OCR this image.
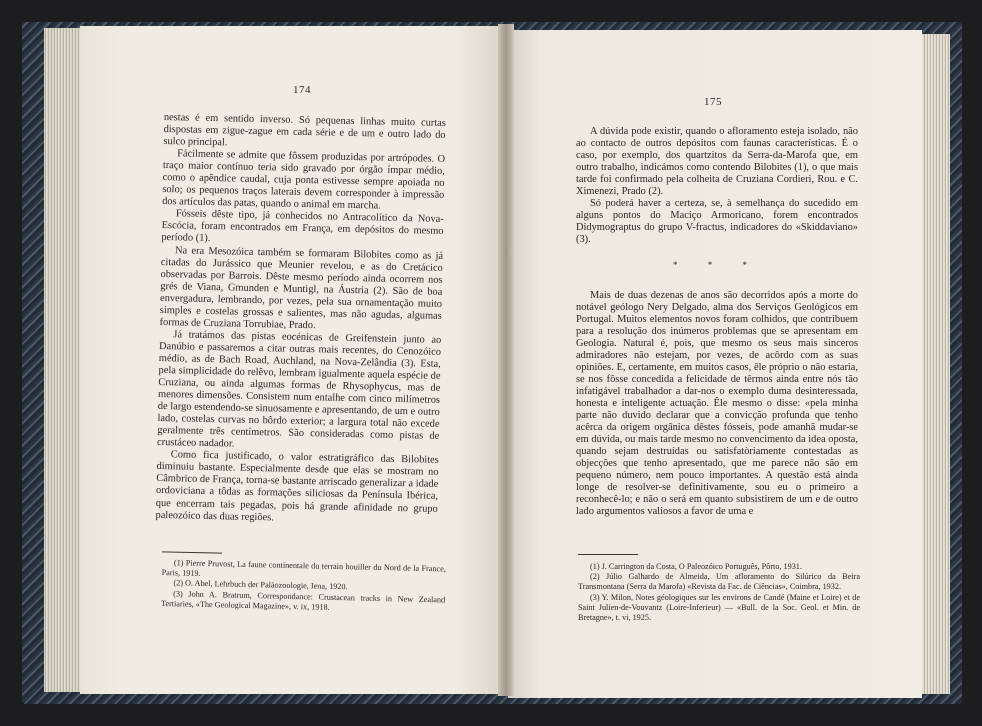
174

nestas é em sentido inverso. Só pequenas linhas muito curtas dispostas em zigue-zague em cada série e de um e outro lado do sulco principal.

Fácilmente se admite que fôssem produzidas por artrópodes. O traço maior contínuo teria sido gravado por órgão ímpar médio, como o apêndice caudal, cuja ponta estivesse sempre apoiada no solo; os pequenos traços laterais devem corresponder à impressão dos artículos das patas, quando o animal em marcha.

Fósseis dêste tipo, já conhecidos no Antracolítico da Nova-Escócia, foram encontrados em França, em depósitos do mesmo período (1).

Na era Mesozóica também se formaram Bilobites como as já citadas do Jurássico que Meunier revelou, e as do Cretácico observadas por Barrois. Dêste mesmo período ainda ocorrem nos grés de Viana, Gmunden e Muntigl, na Áustria (2). São de boa envergadura, lembrando, por vezes, pela sua ornamentação muito simples e costelas grossas e salientes, mas não agudas, algumas formas de Cruziana Torrubiae, Prado.

Já tratámos das pistas eocénicas de Greifenstein junto ao Danúbio e passaremos a citar outras mais recentes, do Cenozóico médio, as de Bach Road, Auchland, na Nova-Zelândia (3). Esta, pela simplicidade do relêvo, lembram igualmente aquela espécie de Cruziana, ou ainda algumas formas de Rhysophycus, mas de menores dimensões. Consistem num entalhe com cinco milímetros de largo estendendo-se sinuosamente e apresentando, de um e outro lado, costelas curvas no bôrdo exterior; a largura total não excede geralmente três centímetros. São consideradas como pistas de crustáceo nadador.

Como fica justificado, o valor estratigráfico das Bilobites diminuiu bastante. Especialmente desde que elas se mostram no Câmbrico de França, torna-se bastante arriscado generalizar a idade ordoviciana a tôdas as formações siliciosas da Península Ibérica, que encerram tais pegadas, pois há grande afinidade no grupo paleozóico das duas regiões.

(1) Pierre Pruvost, La faune continentale du terrain houiller du Nord de la France, Paris, 1919.

(2) O. Abel, Lehrbuch der Paläozoologie, Iena, 1920.

(3) John A. Bratrum, Correspondance: Crustacean tracks in New Zealand Tertiaries, «The Geological Magazine», v. ix, 1918.

175

A dúvida pode existir, quando o afloramento esteja isolado, não ao contacto de outros depósitos com faunas características. É o caso, por exemplo, dos quartzitos da Serra-da-Marofa que, em outro trabalho, indicámos como contendo Bilobites (1), o que mais tarde foi confirmado pela colheita de Cruziana Cordieri, Rou. e C. Ximenezi, Prado (2).

Só poderá haver a certeza, se, à semelhança do sucedido em alguns pontos do Maciço Armoricano, forem encontrados Didymograptus do grupo V-fractus, indicadores do «Skiddaviano» (3).

* * *

Mais de duas dezenas de anos são decorridos após a morte do notável geólogo Nery Delgado, alma dos Serviços Geológicos em Portugal. Muitos elementos novos foram colhidos, que contribuem para a resolução dos inúmeros problemas que se apresentam em Geologia. Natural é, pois, que mesmo os seus mais sinceros admiradores não estejam, por vezes, de acôrdo com as suas opiniões. E, certamente, em muitos casos, êle próprio o não estaria, se nos fôsse concedida a felicidade de têrmos ainda entre nós tão infatigável trabalhador a dar-nos o exemplo duma desinteressada, honesta e inteligente actuação. Êle mesmo o disse: «pela minha parte não duvido declarar que a convicção profunda que tenho acêrca da origem orgânica dêstes fósseis, pode amanhã mudar-se em dúvida, ou mais tarde mesmo no convencimento da idea oposta, quando sejam destruídas ou satisfatòriamente contestadas as objecções que tenho apresentado, que me parece não são em pequeno número, nem pouco importantes. A questão está ainda longe de resolver-se definitivamente, sou eu o primeiro a reconhecê-lo; e não o será em quanto subsistirem de um e de outro lado argumentos valiosos a favor de uma e

(1) J. Carrington da Costa, O Paleozóico Português, Pôrto, 1931.

(2) Júlio Galhardo de Almeida, Um afloramento do Silúrico da Beira Transmontana (Serra da Marofa) «Revista da Fac. de Ciências», Coimbra, 1932.

(3) Y. Milon, Notes géologiques sur les environs de Candé (Maine et Loire) et de Saint Julien-de-Vouvantz (Loire-Inferieur) — «Bull. de la Soc. Geol. et Min. de Bretagne», t. vi, 1925.
